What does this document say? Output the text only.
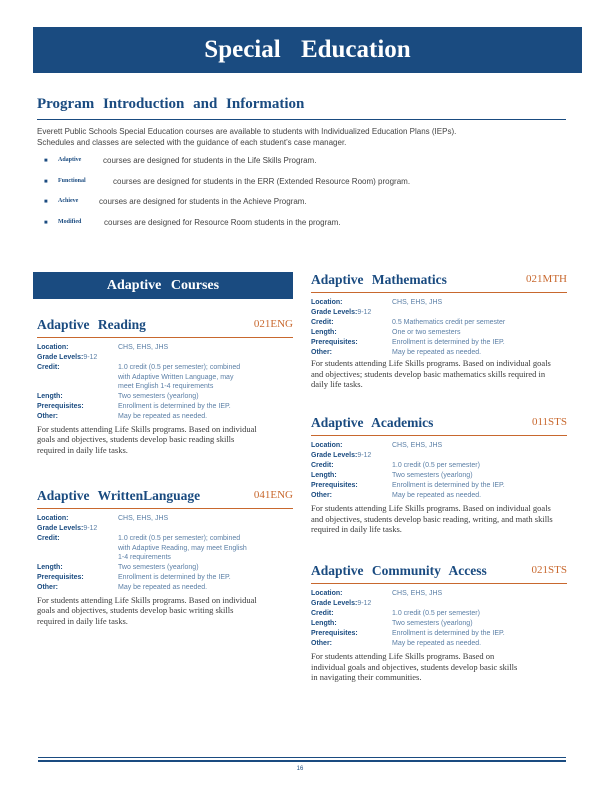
Special Education
Program Introduction and Information
Everett Public Schools Special Education courses are available to students with Individualized Education Plans (IEPs). Schedules and classes are selected with the guidance of each student’s case manager.
■ Adaptive	courses are designed for students in the Life Skills Program.
■ Functional	courses are designed for students in the ERR (Extended Resource Room) program.
■ Achieve	courses are designed for students in the Achieve Program.
■ Modified	courses are designed for Resource Room students in the program.
Adaptive Courses
Adaptive Reading	021ENG
Location:	CHS, EHS, JHS
Grade Levels:9-12
Credit:	1.0 credit (0.5 per semester); combined with Adaptive Written Language, may meet English 1-4 requirements
Length:	Two semesters (yearlong)
Prerequisites:	Enrollment is determined by the IEP.
Other:	May be repeated as needed.
For students attending Life Skills programs. Based on individual goals and objectives, students develop basic reading skills required in daily life tasks.
Adaptive WrittenLanguage	041ENG
Location:	CHS, EHS, JHS
Grade Levels:9-12
Credit:	1.0 credit (0.5 per semester); combined with Adaptive Reading, may meet English 1-4 requirements
Length:	Two semesters (yearlong)
Prerequisites:	Enrollment is determined by the IEP.
Other:	May be repeated as needed.
For students attending Life Skills programs. Based on individual goals and objectives, students develop basic writing skills required in daily life tasks.
Adaptive Mathematics	021MTH
Location:	CHS, EHS, JHS
Grade Levels:9-12
Credit:	0.5 Mathematics credit per semester
Length:	One or two semesters
Prerequisites:	Enrollment is determined by the IEP.
Other:	May be repeated as needed.
For students attending Life Skills programs. Based on individual goals and objectives; students develop basic mathematics skills required in daily life tasks.
Adaptive Academics	011STS
Location:	CHS, EHS, JHS
Grade Levels:9-12
Credit:	1.0 credit (0.5 per semester)
Length:	Two semesters (yearlong)
Prerequisites:	Enrollment is determined by the IEP.
Other:	May be repeated as needed.
For students attending Life Skills programs. Based on individual goals and objectives, students develop basic reading, writing, and math skills required in daily life tasks.
Adaptive Community Access	021STS
Location:	CHS, EHS, JHS
Grade Levels:9-12
Credit:	1.0 credit (0.5 per semester)
Length:	Two semesters (yearlong)
Prerequisites:	Enrollment is determined by the IEP.
Other:	May be repeated as needed.
For students attending Life Skills programs. Based on individual goals and objectives, students develop basic skills in navigating their communities.
16
